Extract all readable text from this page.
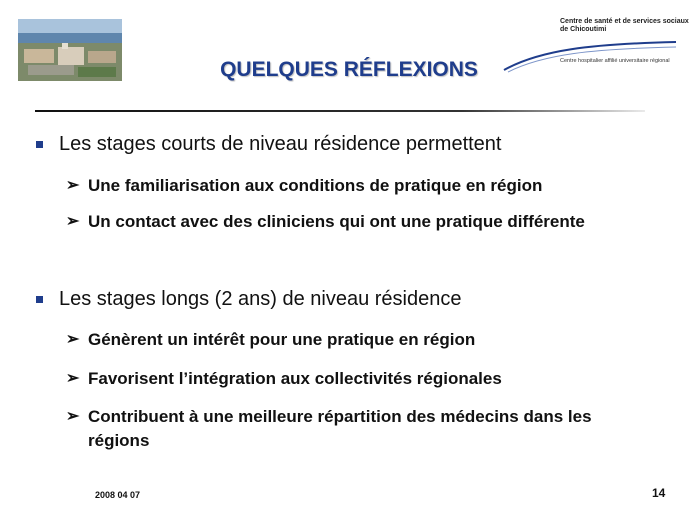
Centre de santé et de services sociaux
de Chicoutimi
Centre hospitalier affilié universitaire régional
QUELQUES RÉFLEXIONS
Les stages courts de niveau résidence permettent
➢ Une familiarisation aux conditions de pratique en région
➢ Un contact avec des cliniciens qui ont une pratique différente
Les stages longs (2 ans) de niveau résidence
➢ Génèrent un intérêt pour une pratique en région
➢ Favorisent l’intégration aux collectivités régionales
➢ Contribuent à une meilleure répartition des médecins dans les régions
2008 04 07	14
